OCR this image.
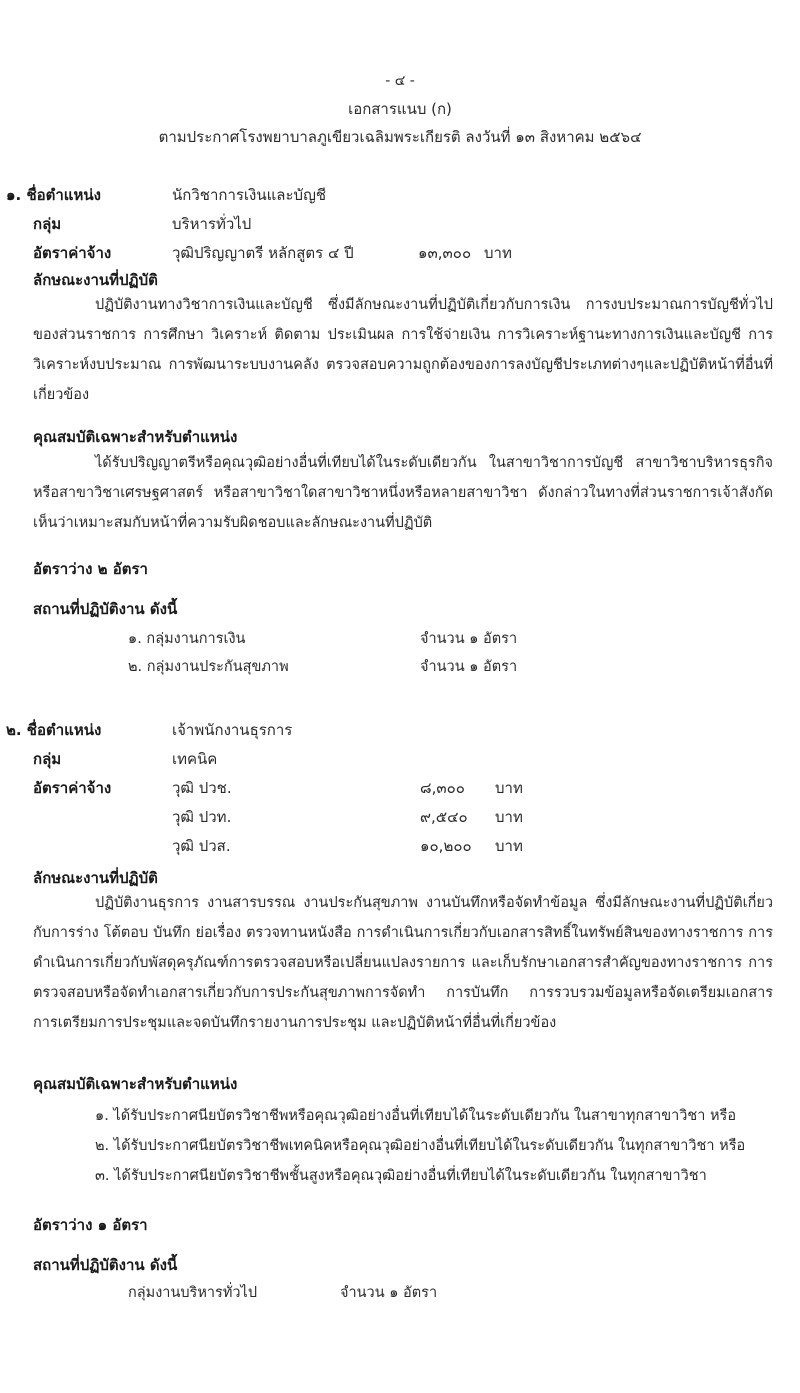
- ๔ -
เอกสารแนบ (ก)
ตามประกาศโรงพยาบาลภูเขียวเฉลิมพระเกียรติ ลงวันที่ ๑๓ สิงหาคม ๒๕๖๔
๑. ชื่อตำแหน่ง	นักวิชาการเงินและบัญชี
กลุ่ม	บริหารทั่วไป
อัตราค่าจ้าง	วุฒิปริญญาตรี หลักสูตร ๔ ปี	๑๓,๓๐๐ บาท
ลักษณะงานที่ปฏิบัติ
ปฏิบัติงานทางวิชาการเงินและบัญชี ซึ่งมีลักษณะงานที่ปฏิบัติเกี่ยวกับการเงิน การงบประมาณการบัญชีทั่วไปของส่วนราชการ การศึกษา วิเคราะห์ ติดตาม ประเมินผล การใช้จ่ายเงิน การวิเคราะห์ฐานะทางการเงินและบัญชี การวิเคราะห์งบประมาณ การพัฒนาระบบงานคลัง ตรวจสอบความถูกต้องของการลงบัญชีประเภทต่างๆและปฏิบัติหน้าที่อื่นที่เกี่ยวข้อง
คุณสมบัติเฉพาะสำหรับตำแหน่ง
ได้รับปริญญาตรีหรือคุณวุฒิอย่างอื่นที่เทียบได้ในระดับเดียวกัน ในสาขาวิชาการบัญชี สาขาวิชาบริหารธุรกิจ หรือสาขาวิชาเศรษฐศาสตร์ หรือสาขาวิชาใดสาขาวิชาหนึ่งหรือหลายสาขาวิชา ดังกล่าวในทางที่ส่วนราชการเจ้าสังกัดเห็นว่าเหมาะสมกับหน้าที่ความรับผิดชอบและลักษณะงานที่ปฏิบัติ
อัตราว่าง ๒ อัตรา
สถานที่ปฏิบัติงาน ดังนี้
๑. กลุ่มงานการเงิน	จำนวน ๑ อัตรา
๒. กลุ่มงานประกันสุขภาพ	จำนวน ๑ อัตรา
๒. ชื่อตำแหน่ง	เจ้าพนักงานธุรการ
กลุ่ม	เทคนิค
อัตราค่าจ้าง	วุฒิ ปวช.	๘,๓๐๐ บาท
วุฒิ ปวท.	๙,๕๔๐ บาท
วุฒิ ปวส.	๑๐,๒๐๐ บาท
ลักษณะงานที่ปฏิบัติ
ปฏิบัติงานธุรการ งานสารบรรณ งานประกันสุขภาพ งานบันทึกหรือจัดทำข้อมูล ซึ่งมีลักษณะงานที่ปฏิบัติเกี่ยวกับการร่าง โต้ตอบ บันทึก ย่อเรื่อง ตรวจทานหนังสือ การดำเนินการเกี่ยวกับเอกสารสิทธิ์ในทรัพย์สินของทางราชการ การดำเนินการเกี่ยวกับพัสดุครุภัณฑ์การตรวจสอบหรือเปลี่ยนแปลงรายการ และเก็บรักษาเอกสารสำคัญของทางราชการ การตรวจสอบหรือจัดทำเอกสารเกี่ยวกับการประกันสุขภาพการจัดทำ การบันทึก การรวบรวมข้อมูลหรือจัดเตรียมเอกสาร การเตรียมการประชุมและจดบันทึกรายงานการประชุม และปฏิบัติหน้าที่อื่นที่เกี่ยวข้อง
คุณสมบัติเฉพาะสำหรับตำแหน่ง
๑. ได้รับประกาศนียบัตรวิชาชีพหรือคุณวุฒิอย่างอื่นที่เทียบได้ในระดับเดียวกัน ในสาขาทุกสาขาวิชา หรือ
๒. ได้รับประกาศนียบัตรวิชาชีพเทคนิคหรือคุณวุฒิอย่างอื่นที่เทียบได้ในระดับเดียวกัน ในทุกสาขาวิชา หรือ
๓. ได้รับประกาศนียบัตรวิชาชีพชั้นสูงหรือคุณวุฒิอย่างอื่นที่เทียบได้ในระดับเดียวกัน ในทุกสาขาวิชา
อัตราว่าง ๑ อัตรา
สถานที่ปฏิบัติงาน ดังนี้
กลุ่มงานบริหารทั่วไป	จำนวน ๑ อัตรา
